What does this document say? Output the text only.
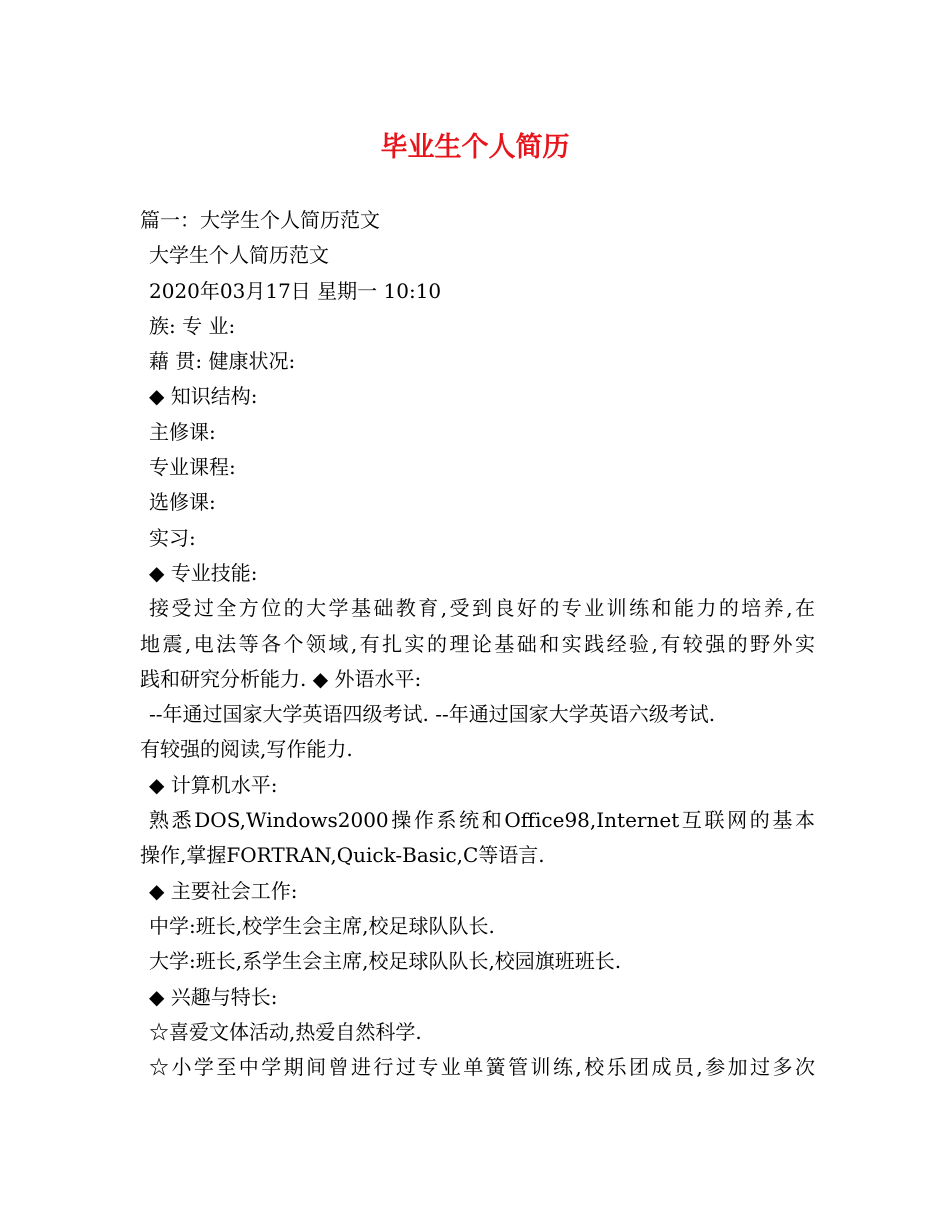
毕业生个人简历

篇一：大学生个人简历范文

大学生个人简历范文

2020年03月17日 星期一 10:10

族: 专 业:

藉 贯: 健康状况:

◆ 知识结构:

主修课:

专业课程:

选修课:

实习:

◆ 专业技能:

接受过全方位的大学基础教育,受到良好的专业训练和能力的培养,在

地震,电法等各个领域,有扎实的理论基础和实践经验,有较强的野外实

践和研究分析能力. ◆ 外语水平:

--年通过国家大学英语四级考试. --年通过国家大学英语六级考试.

有较强的阅读,写作能力.

◆ 计算机水平:

熟悉DOS,Windows2000操作系统和Office98,Internet互联网的基本

操作,掌握FORTRAN,Quick-Basic,C等语言.

◆ 主要社会工作:

中学:班长,校学生会主席,校足球队队长.

大学:班长,系学生会主席,校足球队队长,校园旗班班长.

◆ 兴趣与特长:

☆喜爱文体活动,热爱自然科学.

☆小学至中学期间曾进行过专业单簧管训练,校乐团成员,参加过多次
